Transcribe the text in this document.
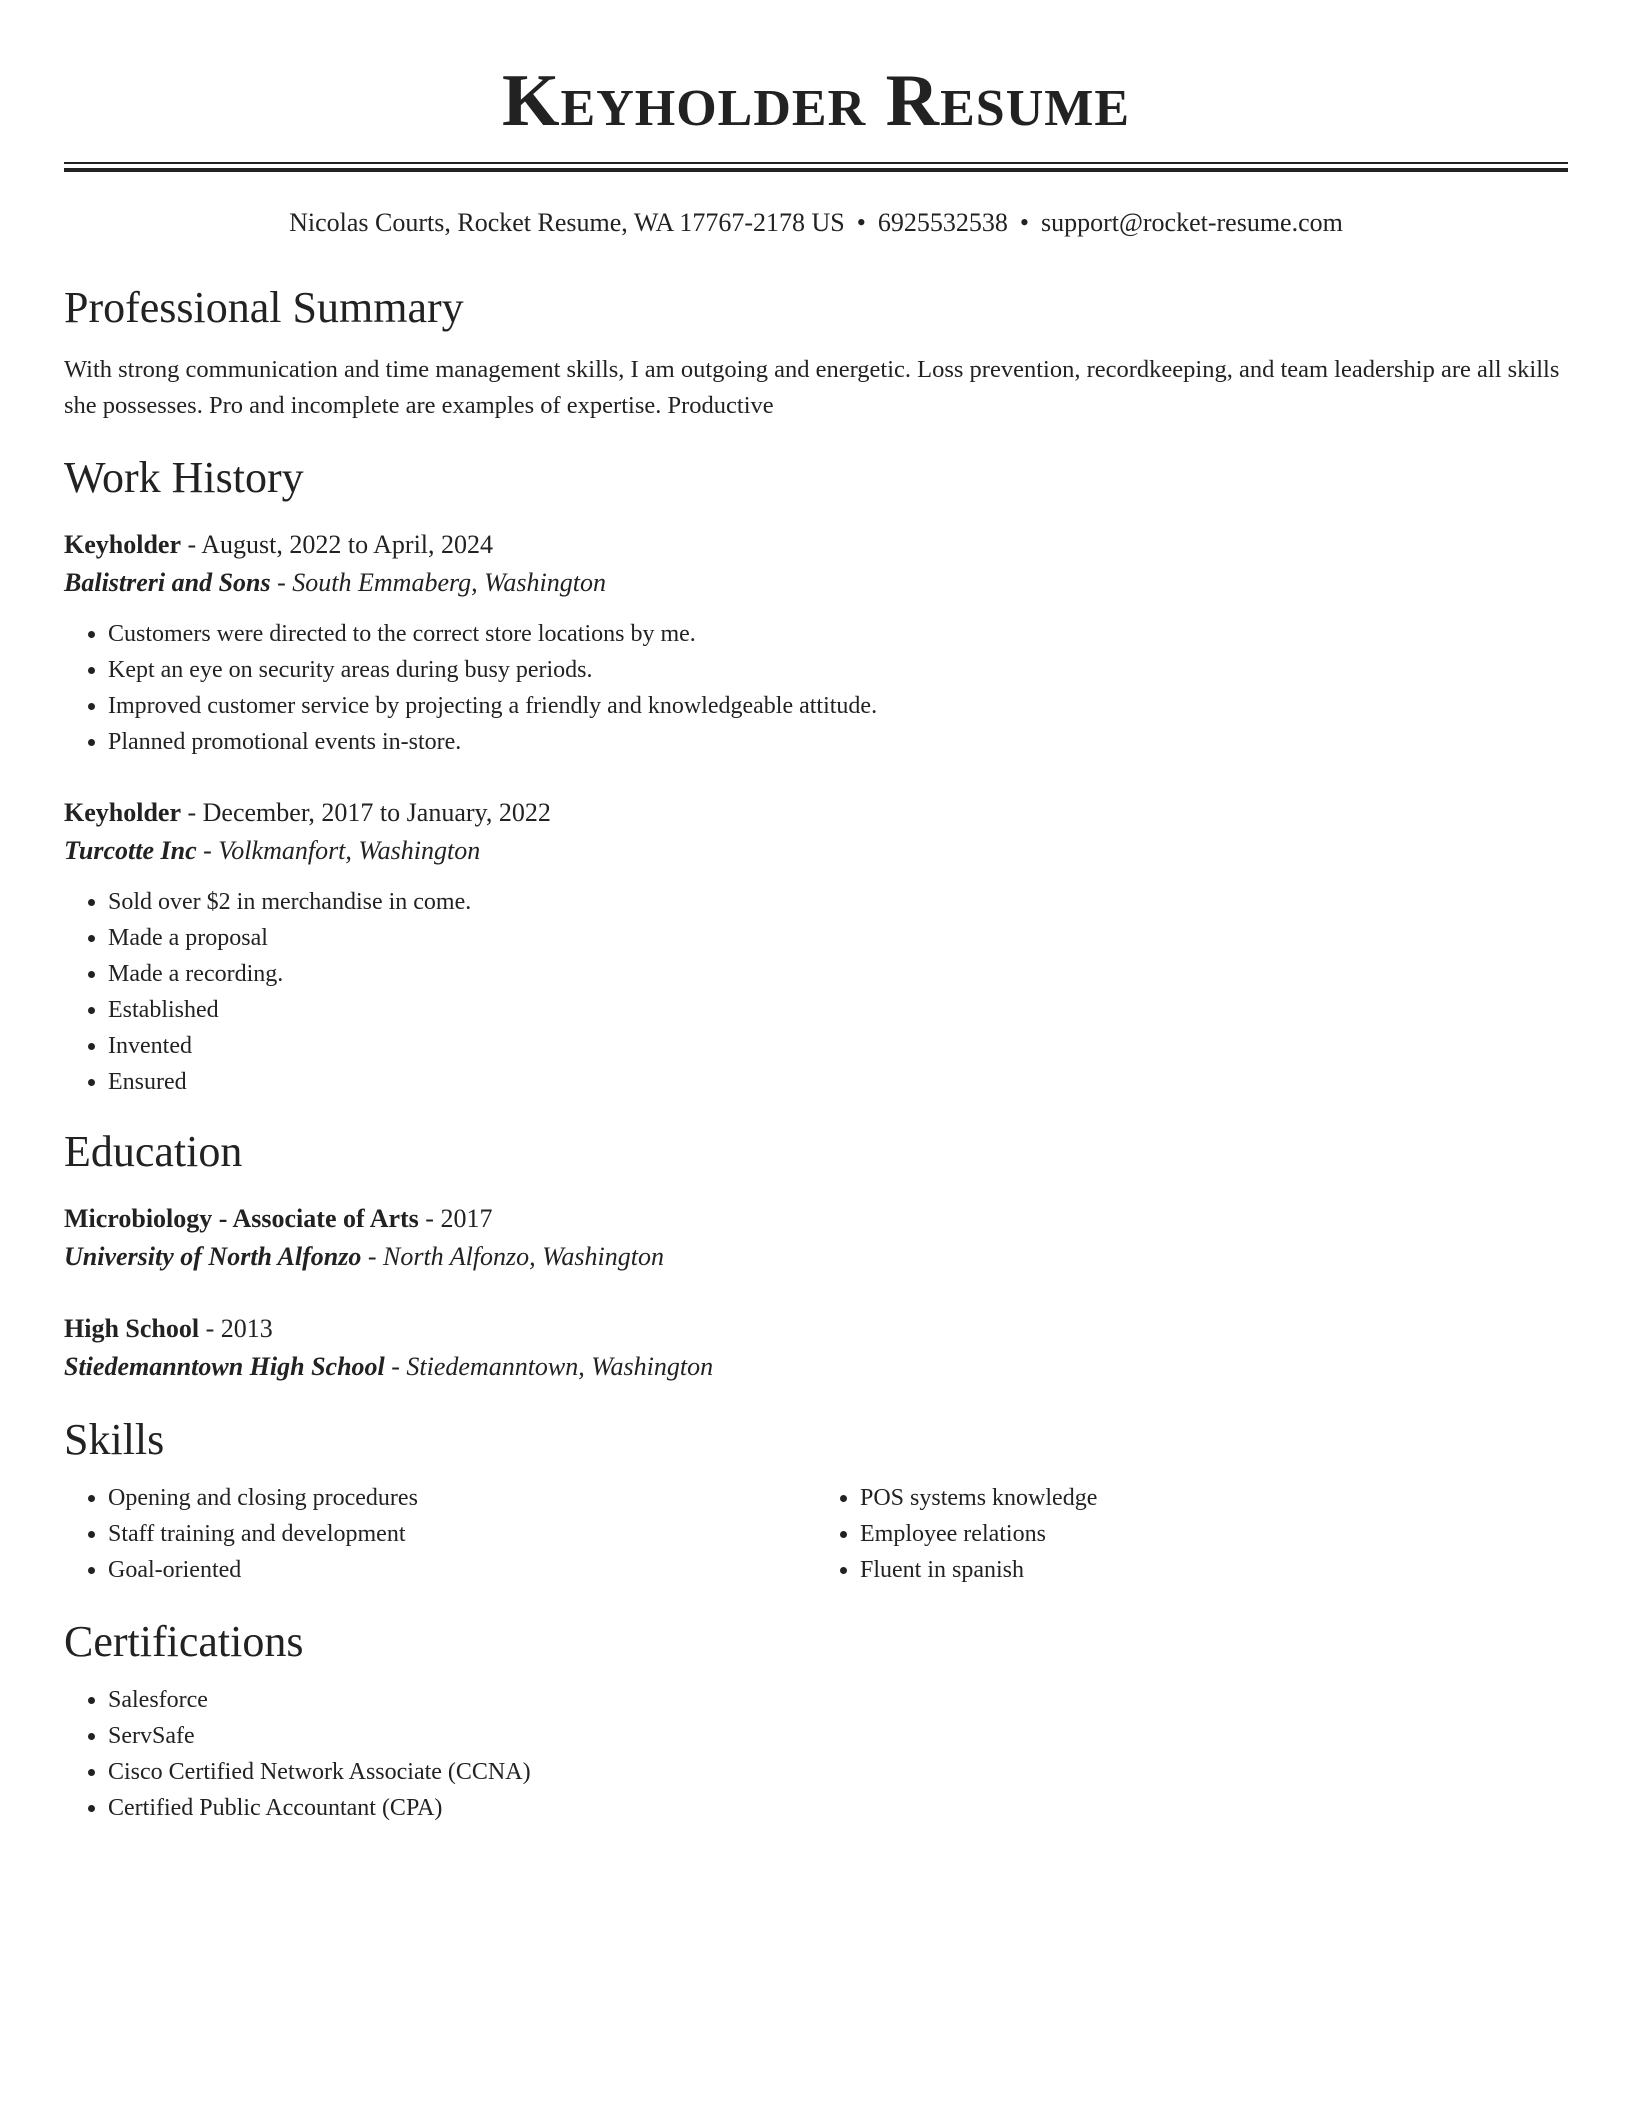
Keyholder Resume
Nicolas Courts, Rocket Resume, WA 17767-2178 US • 6925532538 • support@rocket-resume.com
Professional Summary

With strong communication and time management skills, I am outgoing and energetic. Loss prevention, recordkeeping, and team leadership are all skills she possesses. Pro and incomplete are examples of expertise. Productive

Work History
Keyholder - August, 2022 to April, 2024
Balistreri and Sons - South Emmaberg, Washington
• Customers were directed to the correct store locations by me.
• Kept an eye on security areas during busy periods.
• Improved customer service by projecting a friendly and knowledgeable attitude.
• Planned promotional events in-store.
Keyholder - December, 2017 to January, 2022
Turcotte Inc - Volkmanfort, Washington
• Sold over $2 in merchandise in come.
• Made a proposal
• Made a recording.
• Established
• Invented
• Ensured
Education
Microbiology - Associate of Arts - 2017
University of North Alfonzo - North Alfonzo, Washington
High School - 2013
Stiedemanntown High School - Stiedemanntown, Washington
Skills
• Opening and closing procedures
• Staff training and development
• Goal-oriented
• POS systems knowledge
• Employee relations
• Fluent in spanish
Certifications
• Salesforce
• ServSafe
• Cisco Certified Network Associate (CCNA)
• Certified Public Accountant (CPA)
